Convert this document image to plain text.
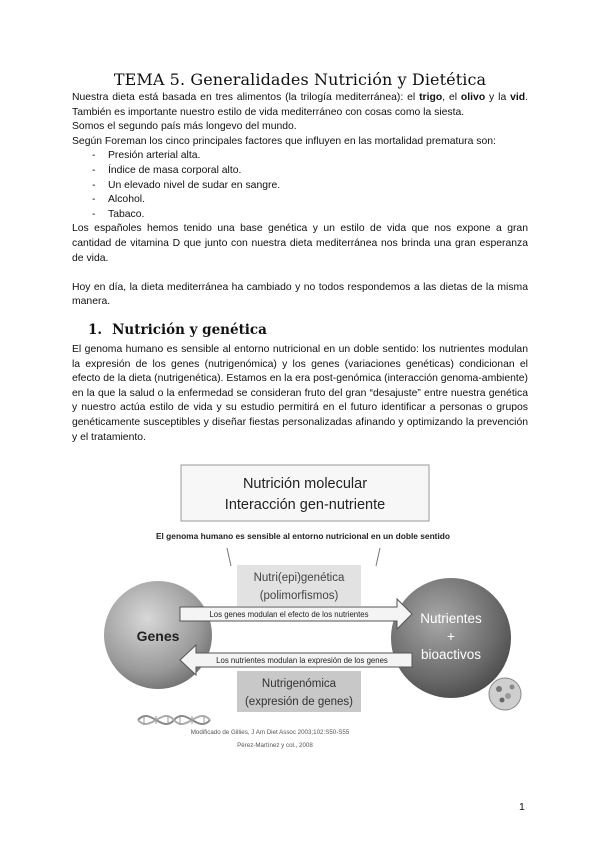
TEMA 5. Generalidades Nutrición y Dietética

Nuestra dieta está basada en tres alimentos (la trilogía mediterránea): el trigo, el olivo y la vid. También es importante nuestro estilo de vida mediterráneo con cosas como la siesta.

Somos el segundo país más longevo del mundo.

Según Foreman los cinco principales factores que influyen en las mortalidad prematura son:

- Presión arterial alta.
- Índice de masa corporal alto.
- Un elevado nivel de sudar en sangre.
- Alcohol.
- Tabaco.

Los españoles hemos tenido una base genética y un estilo de vida que nos expone a gran cantidad de vitamina D que junto con nuestra dieta mediterránea nos brinda una gran esperanza de vida.

Hoy en día, la dieta mediterránea ha cambiado y no todos respondemos a las dietas de la misma manera.

1. Nutrición y genética

El genoma humano es sensible al entorno nutricional en un doble sentido: los nutrientes modulan la expresión de los genes (nutrigenómica) y los genes (variaciones genéticas) condicionan el efecto de la dieta (nutrigenética). Estamos en la era post-genómica (interacción genoma-ambiente) en la que la salud o la enfermedad se consideran fruto del gran “desajuste” entre nuestra genética y nuestro actúa estilo de vida y su estudio permitirá en el futuro identificar a personas o grupos genéticamente susceptibles y diseñar fiestas personalizadas afinando y optimizando la prevención y el tratamiento.

Nutrición molecular
Interacción gen-nutriente
El genoma humano es sensible al entorno nutricional en un doble sentido
Nutri(epi)genética
(polimorfismos)
Nutrigenómica
(expresión de genes)
Genes
Nutrientes
+
bioactivos
Los genes modulan el efecto de los nutrientes
Los nutrientes modulan la expresión de los genes
Modificado de Gillies, J Am Diet Assoc 2003;102:S50-S55
Pérez-Martínez y col., 2008
1
